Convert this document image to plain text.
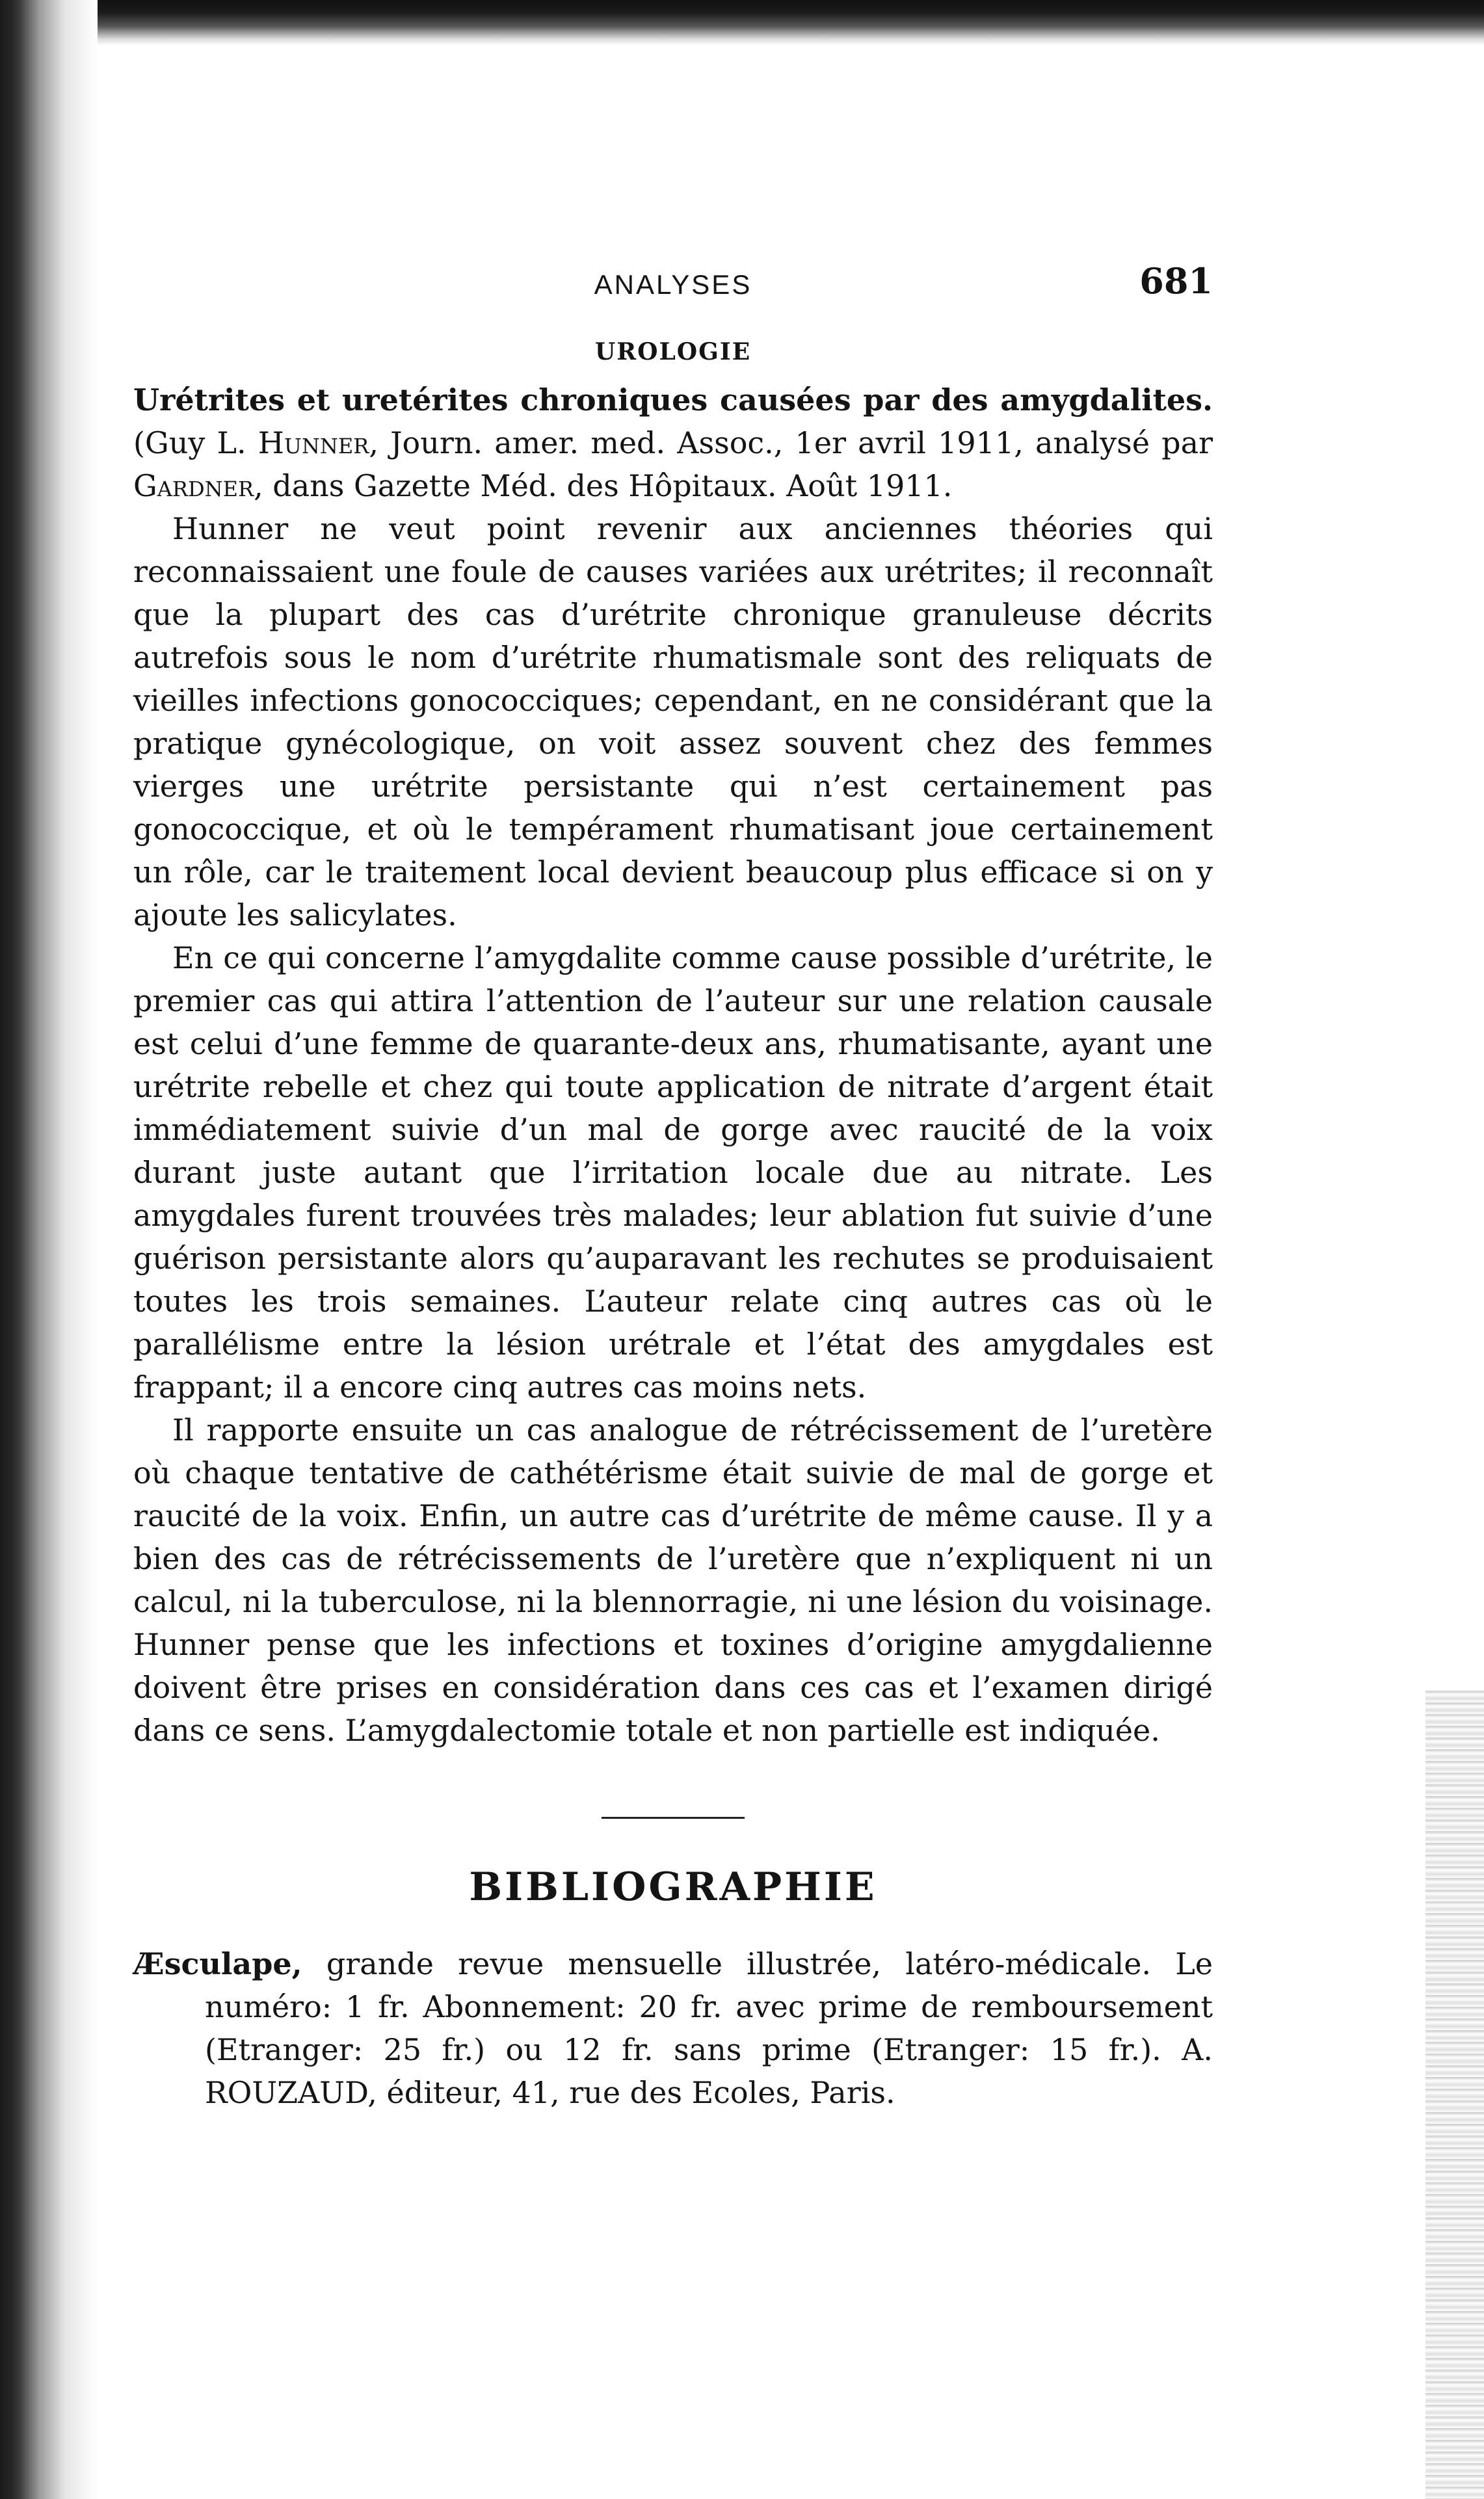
ANALYSES	681
UROLOGIE
Urétrites et uretérites chroniques causées par des amygdalites. (Guy L. Hunner, Journ. amer. med. Assoc., 1er avril 1911, analysé par Gardner, dans Gazette Méd. des Hôpitaux. Août 1911.

Hunner ne veut point revenir aux anciennes théories qui reconnaissaient une foule de causes variées aux urétrites; il reconnaît que la plupart des cas d’urétrite chronique granuleuse décrits autrefois sous le nom d’urétrite rhumatismale sont des reliquats de vieilles infections gonococciques; cependant, en ne considérant que la pratique gynécologique, on voit assez souvent chez des femmes vierges une urétrite persistante qui n’est certainement pas gonococcique, et où le tempérament rhumatisant joue certainement un rôle, car le traitement local devient beaucoup plus efficace si on y ajoute les salicylates.

En ce qui concerne l’amygdalite comme cause possible d’urétrite, le premier cas qui attira l’attention de l’auteur sur une relation causale est celui d’une femme de quarante-deux ans, rhumatisante, ayant une urétrite rebelle et chez qui toute application de nitrate d’argent était immédiatement suivie d’un mal de gorge avec raucité de la voix durant juste autant que l’irritation locale due au nitrate. Les amygdales furent trouvées très malades; leur ablation fut suivie d’une guérison persistante alors qu’auparavant les rechutes se produisaient toutes les trois semaines. L’auteur relate cinq autres cas où le parallélisme entre la lésion urétrale et l’état des amygdales est frappant; il a encore cinq autres cas moins nets.

Il rapporte ensuite un cas analogue de rétrécissement de l’uretère où chaque tentative de cathétérisme était suivie de mal de gorge et raucité de la voix. Enfin, un autre cas d’urétrite de même cause. Il y a bien des cas de rétrécissements de l’uretère que n’expliquent ni un calcul, ni la tuberculose, ni la blennorragie, ni une lésion du voisinage. Hunner pense que les infections et toxines d’origine amygdalienne doivent être prises en considération dans ces cas et l’examen dirigé dans ce sens. L’amygdalectomie totale et non partielle est indiquée.

BIBLIOGRAPHIE
Æsculape, grande revue mensuelle illustrée, latéro-médicale. Le numéro: 1 fr. Abonnement: 20 fr. avec prime de remboursement (Etranger: 25 fr.) ou 12 fr. sans prime (Etranger: 15 fr.). A. ROUZAUD, éditeur, 41, rue des Ecoles, Paris.
